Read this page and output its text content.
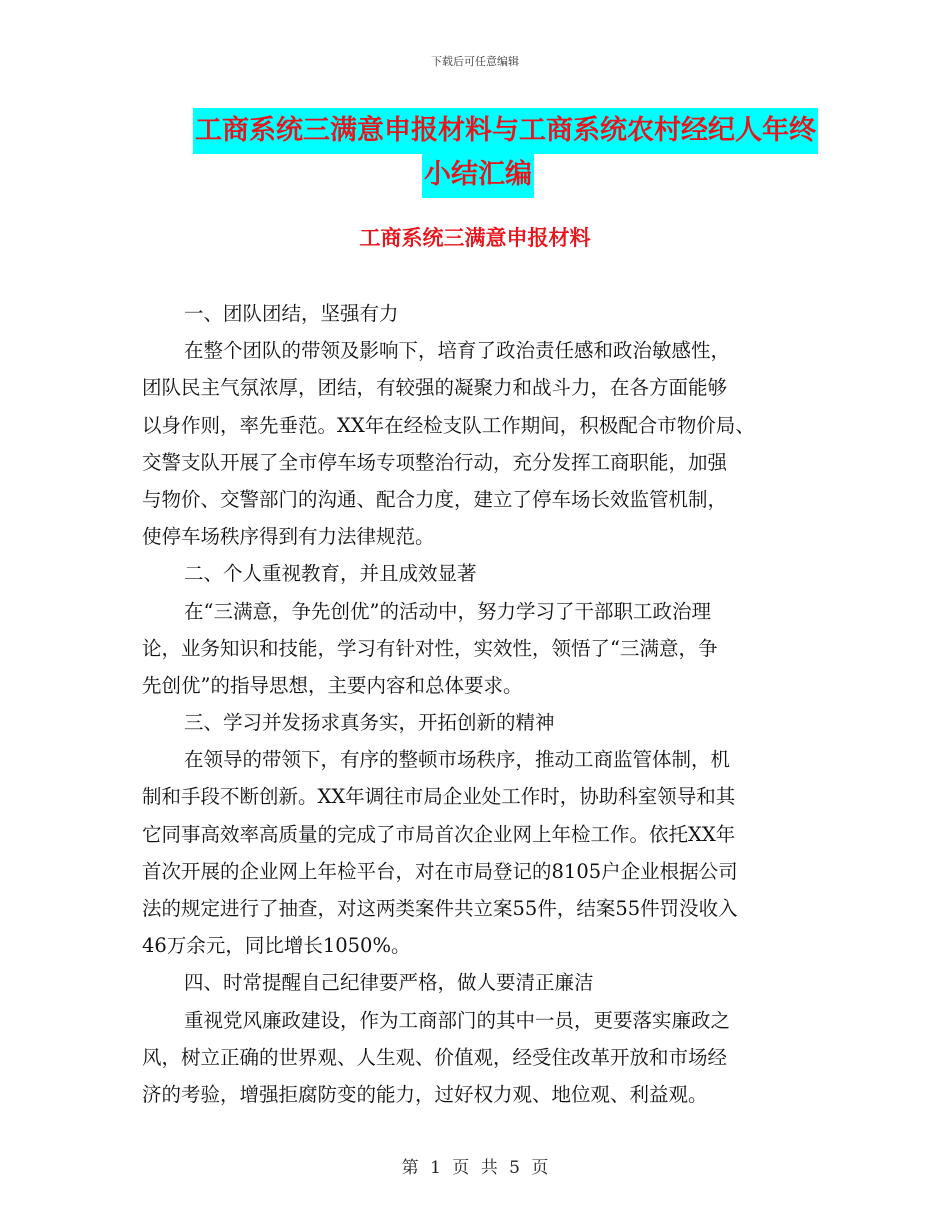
下载后可任意编辑
工商系统三满意申报材料与工商系统农村经纪人年终
小结汇编
工商系统三满意申报材料
一、团队团结，坚强有力
在整个团队的带领及影响下，培育了政治责任感和政治敏感性，
团队民主气氛浓厚，团结，有较强的凝聚力和战斗力，在各方面能够
以身作则，率先垂范。XX年在经检支队工作期间，积极配合市物价局、
交警支队开展了全市停车场专项整治行动，充分发挥工商职能，加强
与物价、交警部门的沟通、配合力度，建立了停车场长效监管机制，
使停车场秩序得到有力法律规范。
二、个人重视教育，并且成效显著
在“三满意，争先创优”的活动中，努力学习了干部职工政治理
论，业务知识和技能，学习有针对性，实效性，领悟了“三满意，争
先创优”的指导思想，主要内容和总体要求。
三、学习并发扬求真务实，开拓创新的精神
在领导的带领下，有序的整顿市场秩序，推动工商监管体制，机
制和手段不断创新。XX年调往市局企业处工作时，协助科室领导和其
它同事高效率高质量的完成了市局首次企业网上年检工作。依托XX年
首次开展的企业网上年检平台，对在市局登记的8105户企业根据公司
法的规定进行了抽查，对这两类案件共立案55件，结案55件罚没收入
46万余元，同比增长1050%。
四、时常提醒自己纪律要严格，做人要清正廉洁
重视党风廉政建设，作为工商部门的其中一员，更要落实廉政之
风，树立正确的世界观、人生观、价值观，经受住改革开放和市场经
济的考验，增强拒腐防变的能力，过好权力观、地位观、利益观。
第 1 页 共 5 页
